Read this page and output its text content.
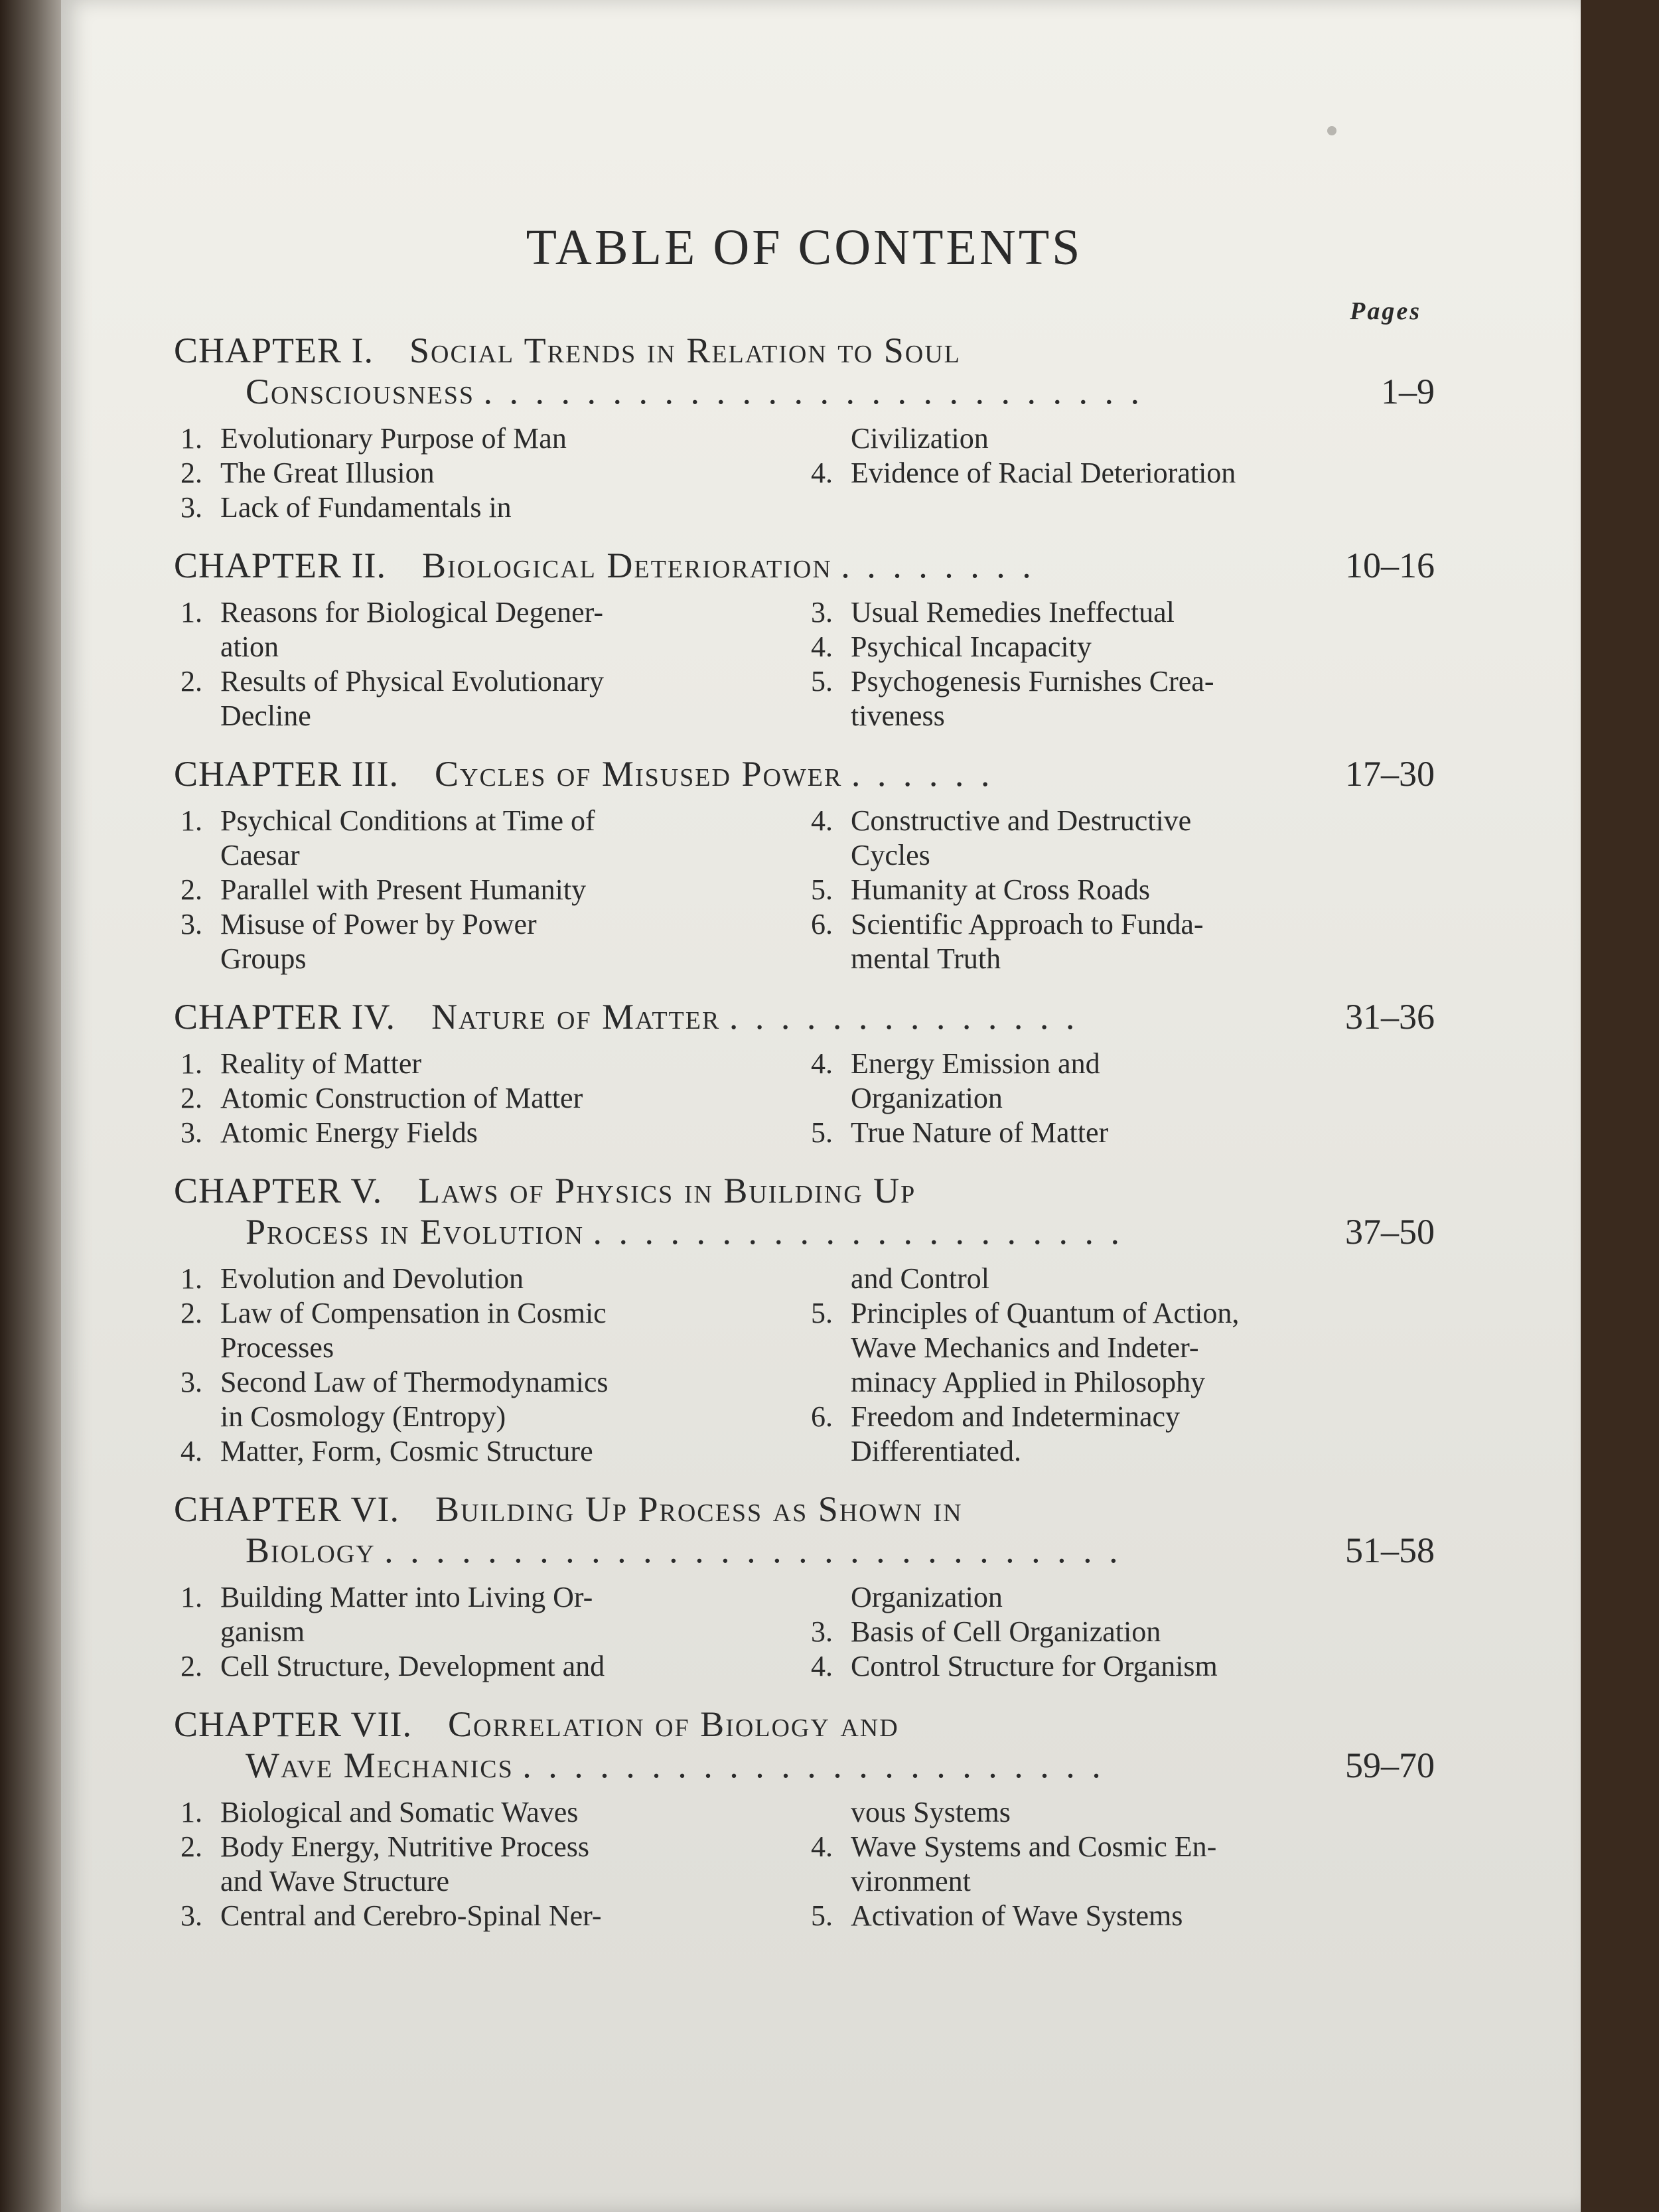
TABLE OF CONTENTS
Pages
CHAPTER I.  Social Trends in Relation to Soul
Consciousness . . . . . . . . . . . . . . . . . . . . . . . . . .	1–9
1. Evolutionary Purpose of Man
2. The Great Illusion
3. Lack of Fundamentals in
Civilization
4. Evidence of Racial Deterioration
CHAPTER II.  Biological Deterioration . . . . . . . .	10–16
1. Reasons for Biological Degener-
ation
2. Results of Physical Evolutionary
Decline
3. Usual Remedies Ineffectual
4. Psychical Incapacity
5. Psychogenesis Furnishes Crea-
tiveness
CHAPTER III.  Cycles of Misused Power . . . . . .	17–30
1. Psychical Conditions at Time of
Caesar
2. Parallel with Present Humanity
3. Misuse of Power by Power
Groups
4. Constructive and Destructive
Cycles
5. Humanity at Cross Roads
6. Scientific Approach to Funda-
mental Truth
CHAPTER IV.  Nature of Matter . . . . . . . . . . . . . .	31–36
1. Reality of Matter
2. Atomic Construction of Matter
3. Atomic Energy Fields
4. Energy Emission and
Organization
5. True Nature of Matter
CHAPTER V.  Laws of Physics in Building Up
Process in Evolution . . . . . . . . . . . . . . . . . . . . .	37–50
1. Evolution and Devolution
2. Law of Compensation in Cosmic
Processes
3. Second Law of Thermodynamics
in Cosmology (Entropy)
4. Matter, Form, Cosmic Structure
and Control
5. Principles of Quantum of Action,
Wave Mechanics and Indeter-
minacy Applied in Philosophy
6. Freedom and Indeterminacy
Differentiated.
CHAPTER VI.  Building Up Process as Shown in
Biology . . . . . . . . . . . . . . . . . . . . . . . . . . . . .	51–58
1. Building Matter into Living Or-
ganism
2. Cell Structure, Development and
Organization
3. Basis of Cell Organization
4. Control Structure for Organism
CHAPTER VII.  Correlation of Biology and
Wave Mechanics . . . . . . . . . . . . . . . . . . . . . . .	59–70
1. Biological and Somatic Waves
2. Body Energy, Nutritive Process
and Wave Structure
3. Central and Cerebro-Spinal Ner-
vous Systems
4. Wave Systems and Cosmic En-
vironment
5. Activation of Wave Systems
